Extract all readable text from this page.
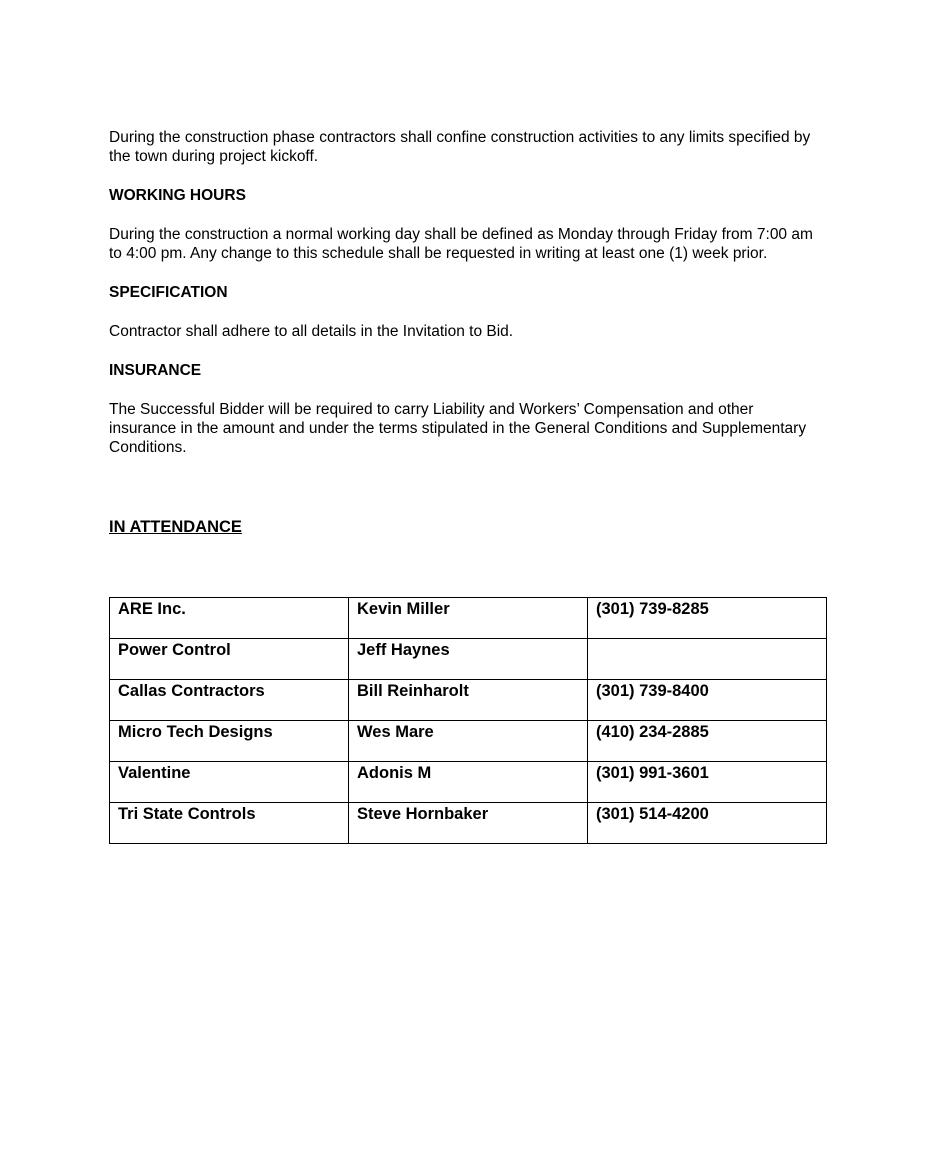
During the construction phase contractors shall confine construction activities to any limits specified by the town during project kickoff.

WORKING HOURS

During the construction a normal working day shall be defined as Monday through Friday from 7:00 am to 4:00 pm. Any change to this schedule shall be requested in writing at least one (1) week prior.

SPECIFICATION

Contractor shall adhere to all details in the Invitation to Bid.

INSURANCE

The Successful Bidder will be required to carry Liability and Workers’ Compensation and other insurance in the amount and under the terms stipulated in the General Conditions and Supplementary Conditions.

IN ATTENDANCE

ARE Inc.	Kevin Miller	(301) 739-8285
Power Control	Jeff Haynes	
Callas Contractors	Bill Reinharolt	(301) 739-8400
Micro Tech Designs	Wes Mare	(410) 234-2885
Valentine	Adonis M	(301) 991-3601
Tri State Controls	Steve Hornbaker	(301) 514-4200
